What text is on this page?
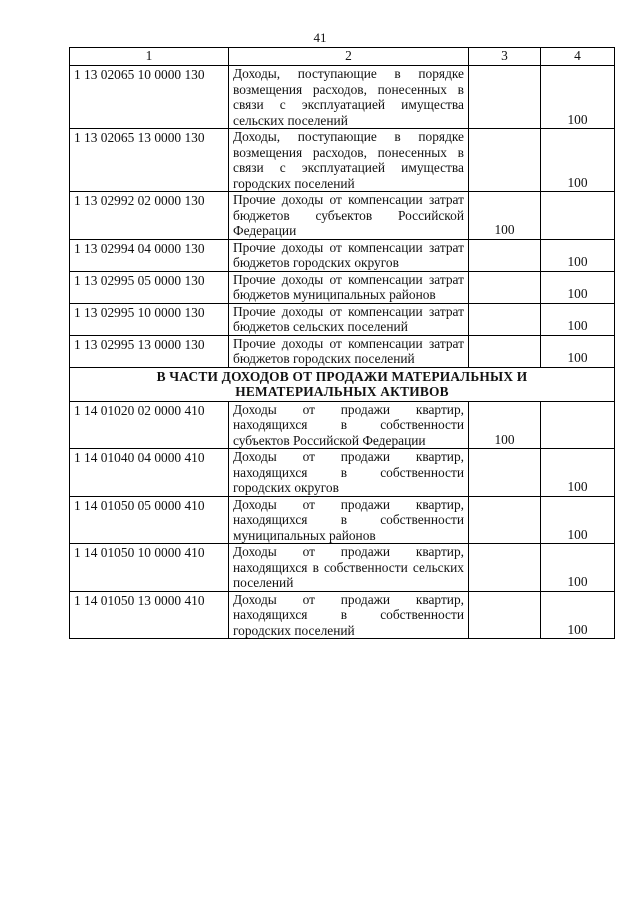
41
1	2	3	4
1 13 02065 10 0000 130	Доходы, поступающие в порядке возмещения расходов, понесенных в связи с эксплуатацией имущества сельских поселений		100
1 13 02065 13 0000 130	Доходы, поступающие в порядке возмещения расходов, понесенных в связи с эксплуатацией имущества городских поселений		100
1 13 02992 02 0000 130	Прочие доходы от компенсации затрат бюджетов субъектов Российской Федерации	100	
1 13 02994 04 0000 130	Прочие доходы от компенсации затрат бюджетов городских округов		100
1 13 02995 05 0000 130	Прочие доходы от компенсации затрат бюджетов муниципальных районов		100
1 13 02995 10 0000 130	Прочие доходы от компенсации затрат бюджетов сельских поселений		100
1 13 02995 13 0000 130	Прочие доходы от компенсации затрат бюджетов городских поселений		100

В ЧАСТИ ДОХОДОВ ОТ ПРОДАЖИ МАТЕРИАЛЬНЫХ И
НЕМАТЕРИАЛЬНЫХ АКТИВОВ			

1 14 01020 02 0000 410	Доходы от продажи квартир, находящихся в собственности субъектов Российской Федерации	100	
1 14 01040 04 0000 410	Доходы от продажи квартир, находящихся в собственности городских округов		100
1 14 01050 05 0000 410	Доходы от продажи квартир, находящихся в собственности муниципальных районов		100
1 14 01050 10 0000 410	Доходы от продажи квартир, находящихся в собственности сельских поселений		100
1 14 01050 13 0000 410	Доходы от продажи квартир, находящихся в собственности городских поселений		100
